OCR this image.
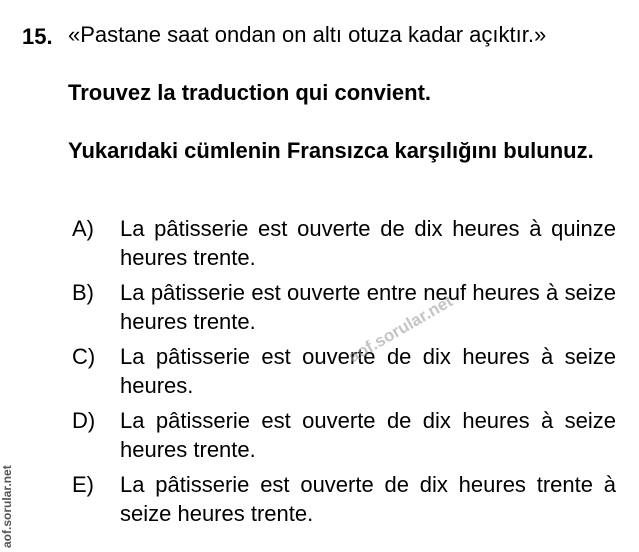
15. «Pastane saat ondan on altı otuza kadar açıktır.»
Trouvez la traduction qui convient.
Yukarıdaki cümlenin Fransızca karşılığını bulunuz.
A)	La pâtisserie est ouverte de dix heures à quinze heures trente.
B)	La pâtisserie est ouverte entre neuf heures à seize heures trente.
C)	La pâtisserie est ouverte de dix heures à seize heures.
D)	La pâtisserie est ouverte de dix heures à seize heures trente.
E)	La pâtisserie est ouverte de dix heures trente à seize heures trente.
aof.sorular.net
aof.sorular.net
